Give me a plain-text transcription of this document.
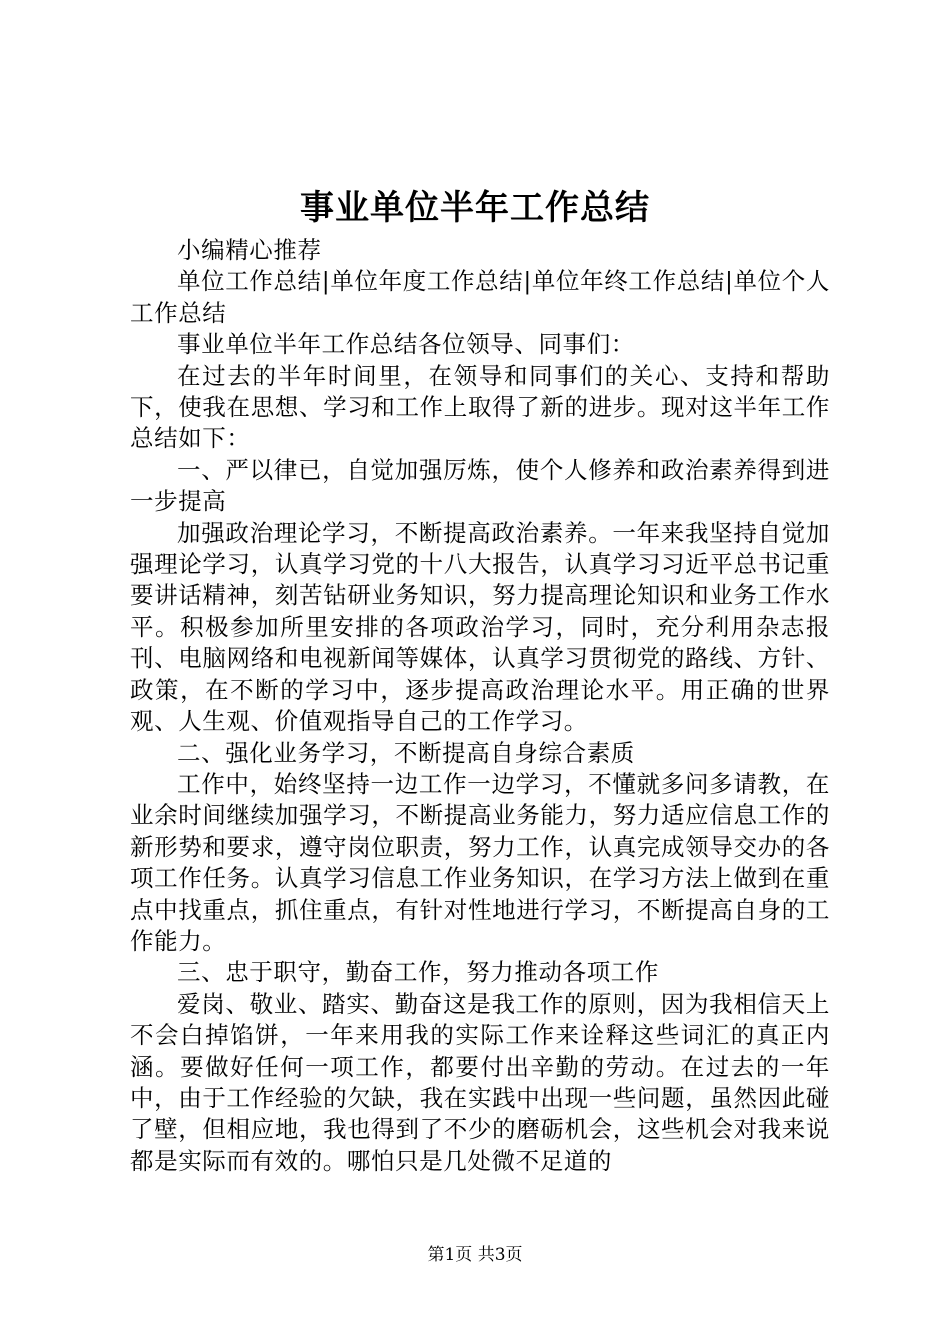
事业单位半年工作总结

小编精心推荐

单位工作总结|单位年度工作总结|单位年终工作总结|单位个人工作总结

事业单位半年工作总结各位领导、同事们：

在过去的半年时间里，在领导和同事们的关心、支持和帮助下，使我在思想、学习和工作上取得了新的进步。现对这半年工作总结如下：

一、严以律已，自觉加强厉炼，使个人修养和政治素养得到进一步提高

加强政治理论学习，不断提高政治素养。一年来我坚持自觉加强理论学习，认真学习党的十八大报告，认真学习习近平总书记重要讲话精神，刻苦钻研业务知识，努力提高理论知识和业务工作水平。积极参加所里安排的各项政治学习，同时，充分利用杂志报刊、电脑网络和电视新闻等媒体，认真学习贯彻党的路线、方针、政策，在不断的学习中，逐步提高政治理论水平。用正确的世界观、人生观、价值观指导自己的工作学习。

二、强化业务学习，不断提高自身综合素质

工作中，始终坚持一边工作一边学习，不懂就多问多请教，在业余时间继续加强学习，不断提高业务能力，努力适应信息工作的新形势和要求，遵守岗位职责，努力工作，认真完成领导交办的各项工作任务。认真学习信息工作业务知识，在学习方法上做到在重点中找重点，抓住重点，有针对性地进行学习，不断提高自身的工作能力。

三、忠于职守，勤奋工作，努力推动各项工作

爱岗、敬业、踏实、勤奋这是我工作的原则，因为我相信天上不会白掉馅饼，一年来用我的实际工作来诠释这些词汇的真正内涵。要做好任何一项工作，都要付出辛勤的劳动。在过去的一年中，由于工作经验的欠缺，我在实践中出现一些问题，虽然因此碰了壁，但相应地，我也得到了不少的磨砺机会，这些机会对我来说都是实际而有效的。哪怕只是几处微不足道的

第1页 共3页
